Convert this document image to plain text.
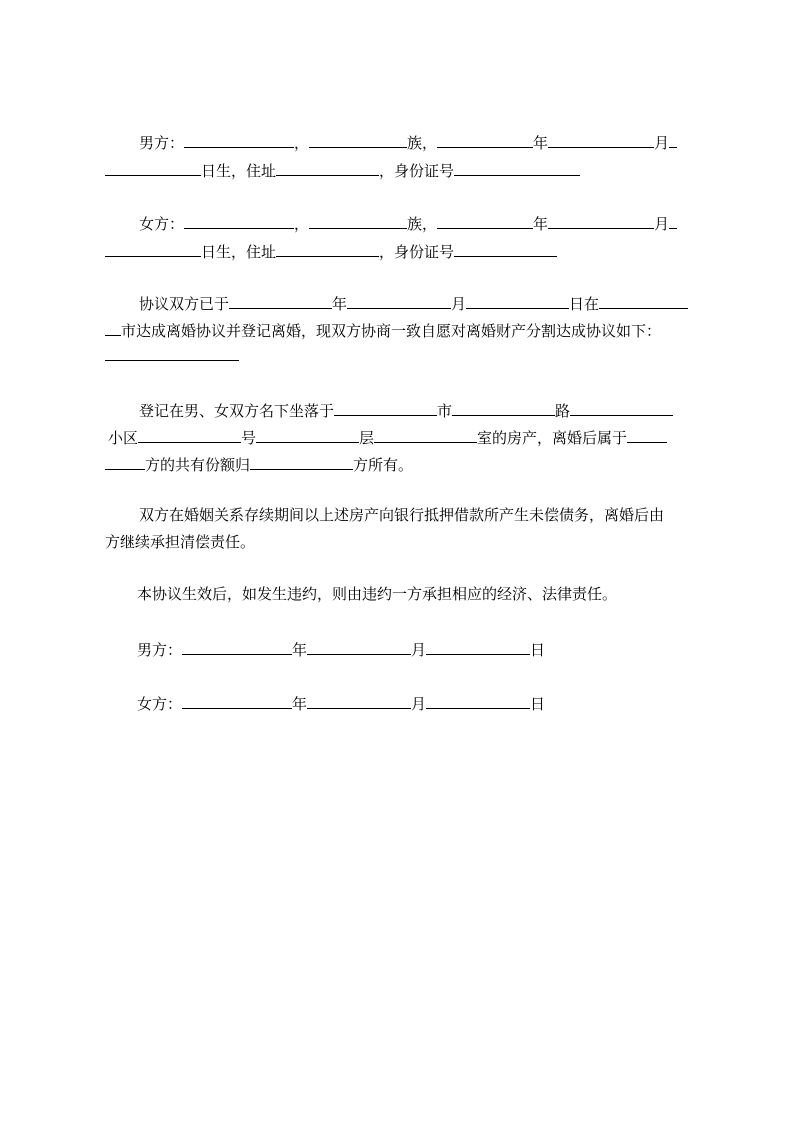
男方：	，	族，	年	月
日生，住址	，身份证号
女方：	，	族，	年	月
日生，住址	，身份证号
协议双方已于	年	月	日在
市达成离婚协议并登记离婚，现双方协商一致自愿对离婚财产分割达成协议如下：
登记在男、女双方名下坐落于	市	路
小区	号	层	室的房产，离婚后属于
方的共有份额归	方所有。
双方在婚姻关系存续期间以上述房产向银行抵押借款所产生未偿债务，离婚后由
方继续承担清偿责任。
本协议生效后，如发生违约，则由违约一方承担相应的经济、法律责任。
男方：	年	月	日
女方：	年	月	日
